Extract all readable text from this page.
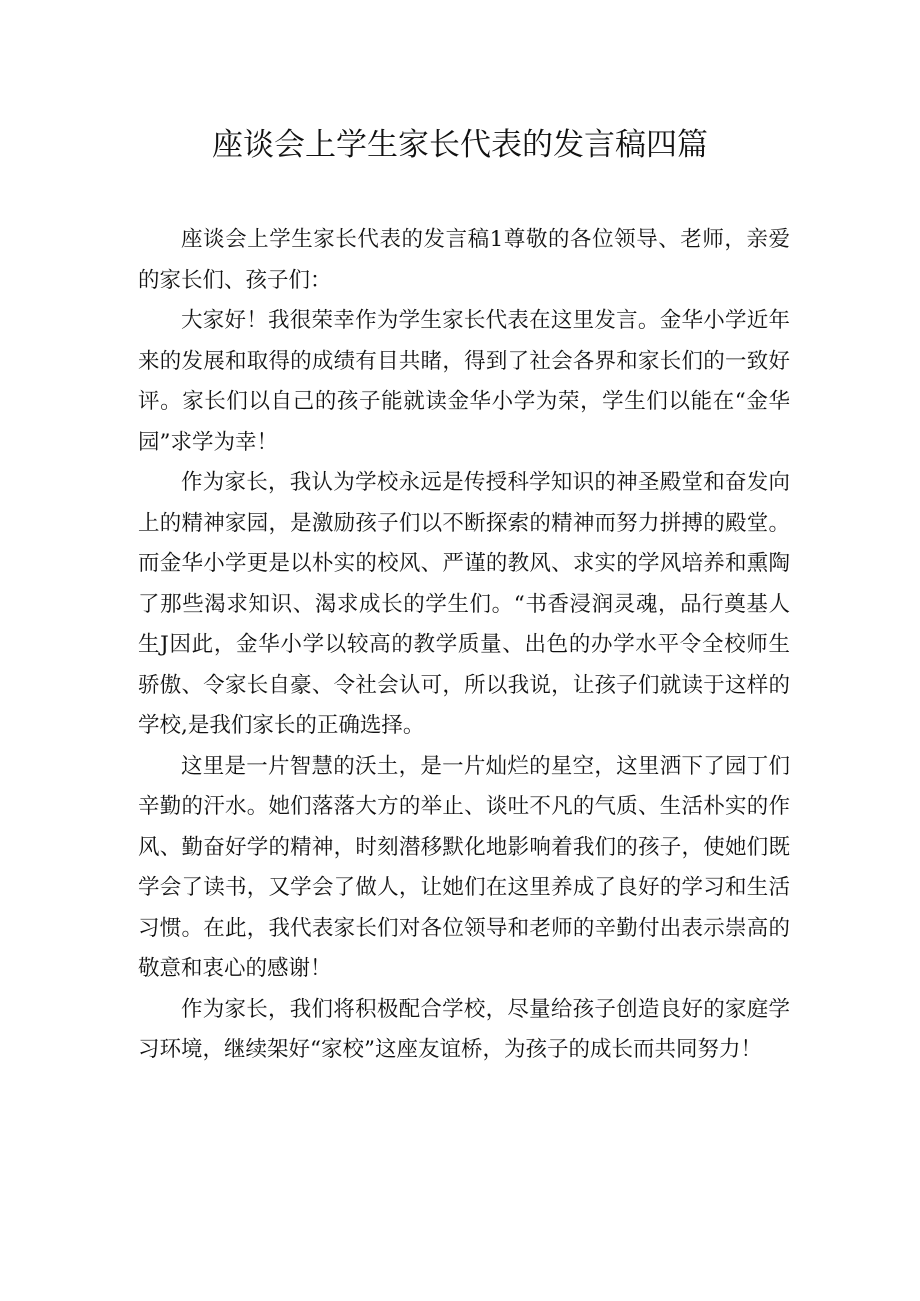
座谈会上学生家长代表的发言稿四篇

座谈会上学生家长代表的发言稿1尊敬的各位领导、老师，亲爱的家长们、孩子们：

大家好！我很荣幸作为学生家长代表在这里发言。金华小学近年来的发展和取得的成绩有目共睹，得到了社会各界和家长们的一致好评。家长们以自己的孩子能就读金华小学为荣，学生们以能在“金华园”求学为幸！

作为家长，我认为学校永远是传授科学知识的神圣殿堂和奋发向上的精神家园，是激励孩子们以不断探索的精神而努力拼搏的殿堂。而金华小学更是以朴实的校风、严谨的教风、求实的学风培养和熏陶了那些渴求知识、渴求成长的学生们。“书香浸润灵魂，品行奠基人生J因此，金华小学以较高的教学质量、出色的办学水平令全校师生骄傲、令家长自豪、令社会认可，所以我说，让孩子们就读于这样的学校,是我们家长的正确选择。

这里是一片智慧的沃土，是一片灿烂的星空，这里洒下了园丁们辛勤的汗水。她们落落大方的举止、谈吐不凡的气质、生活朴实的作风、勤奋好学的精神，时刻潜移默化地影响着我们的孩子，使她们既学会了读书，又学会了做人，让她们在这里养成了良好的学习和生活习惯。在此，我代表家长们对各位领导和老师的辛勤付出表示崇高的敬意和衷心的感谢！

作为家长，我们将积极配合学校，尽量给孩子创造良好的家庭学习环境，继续架好“家校”这座友谊桥，为孩子的成长而共同努力！
